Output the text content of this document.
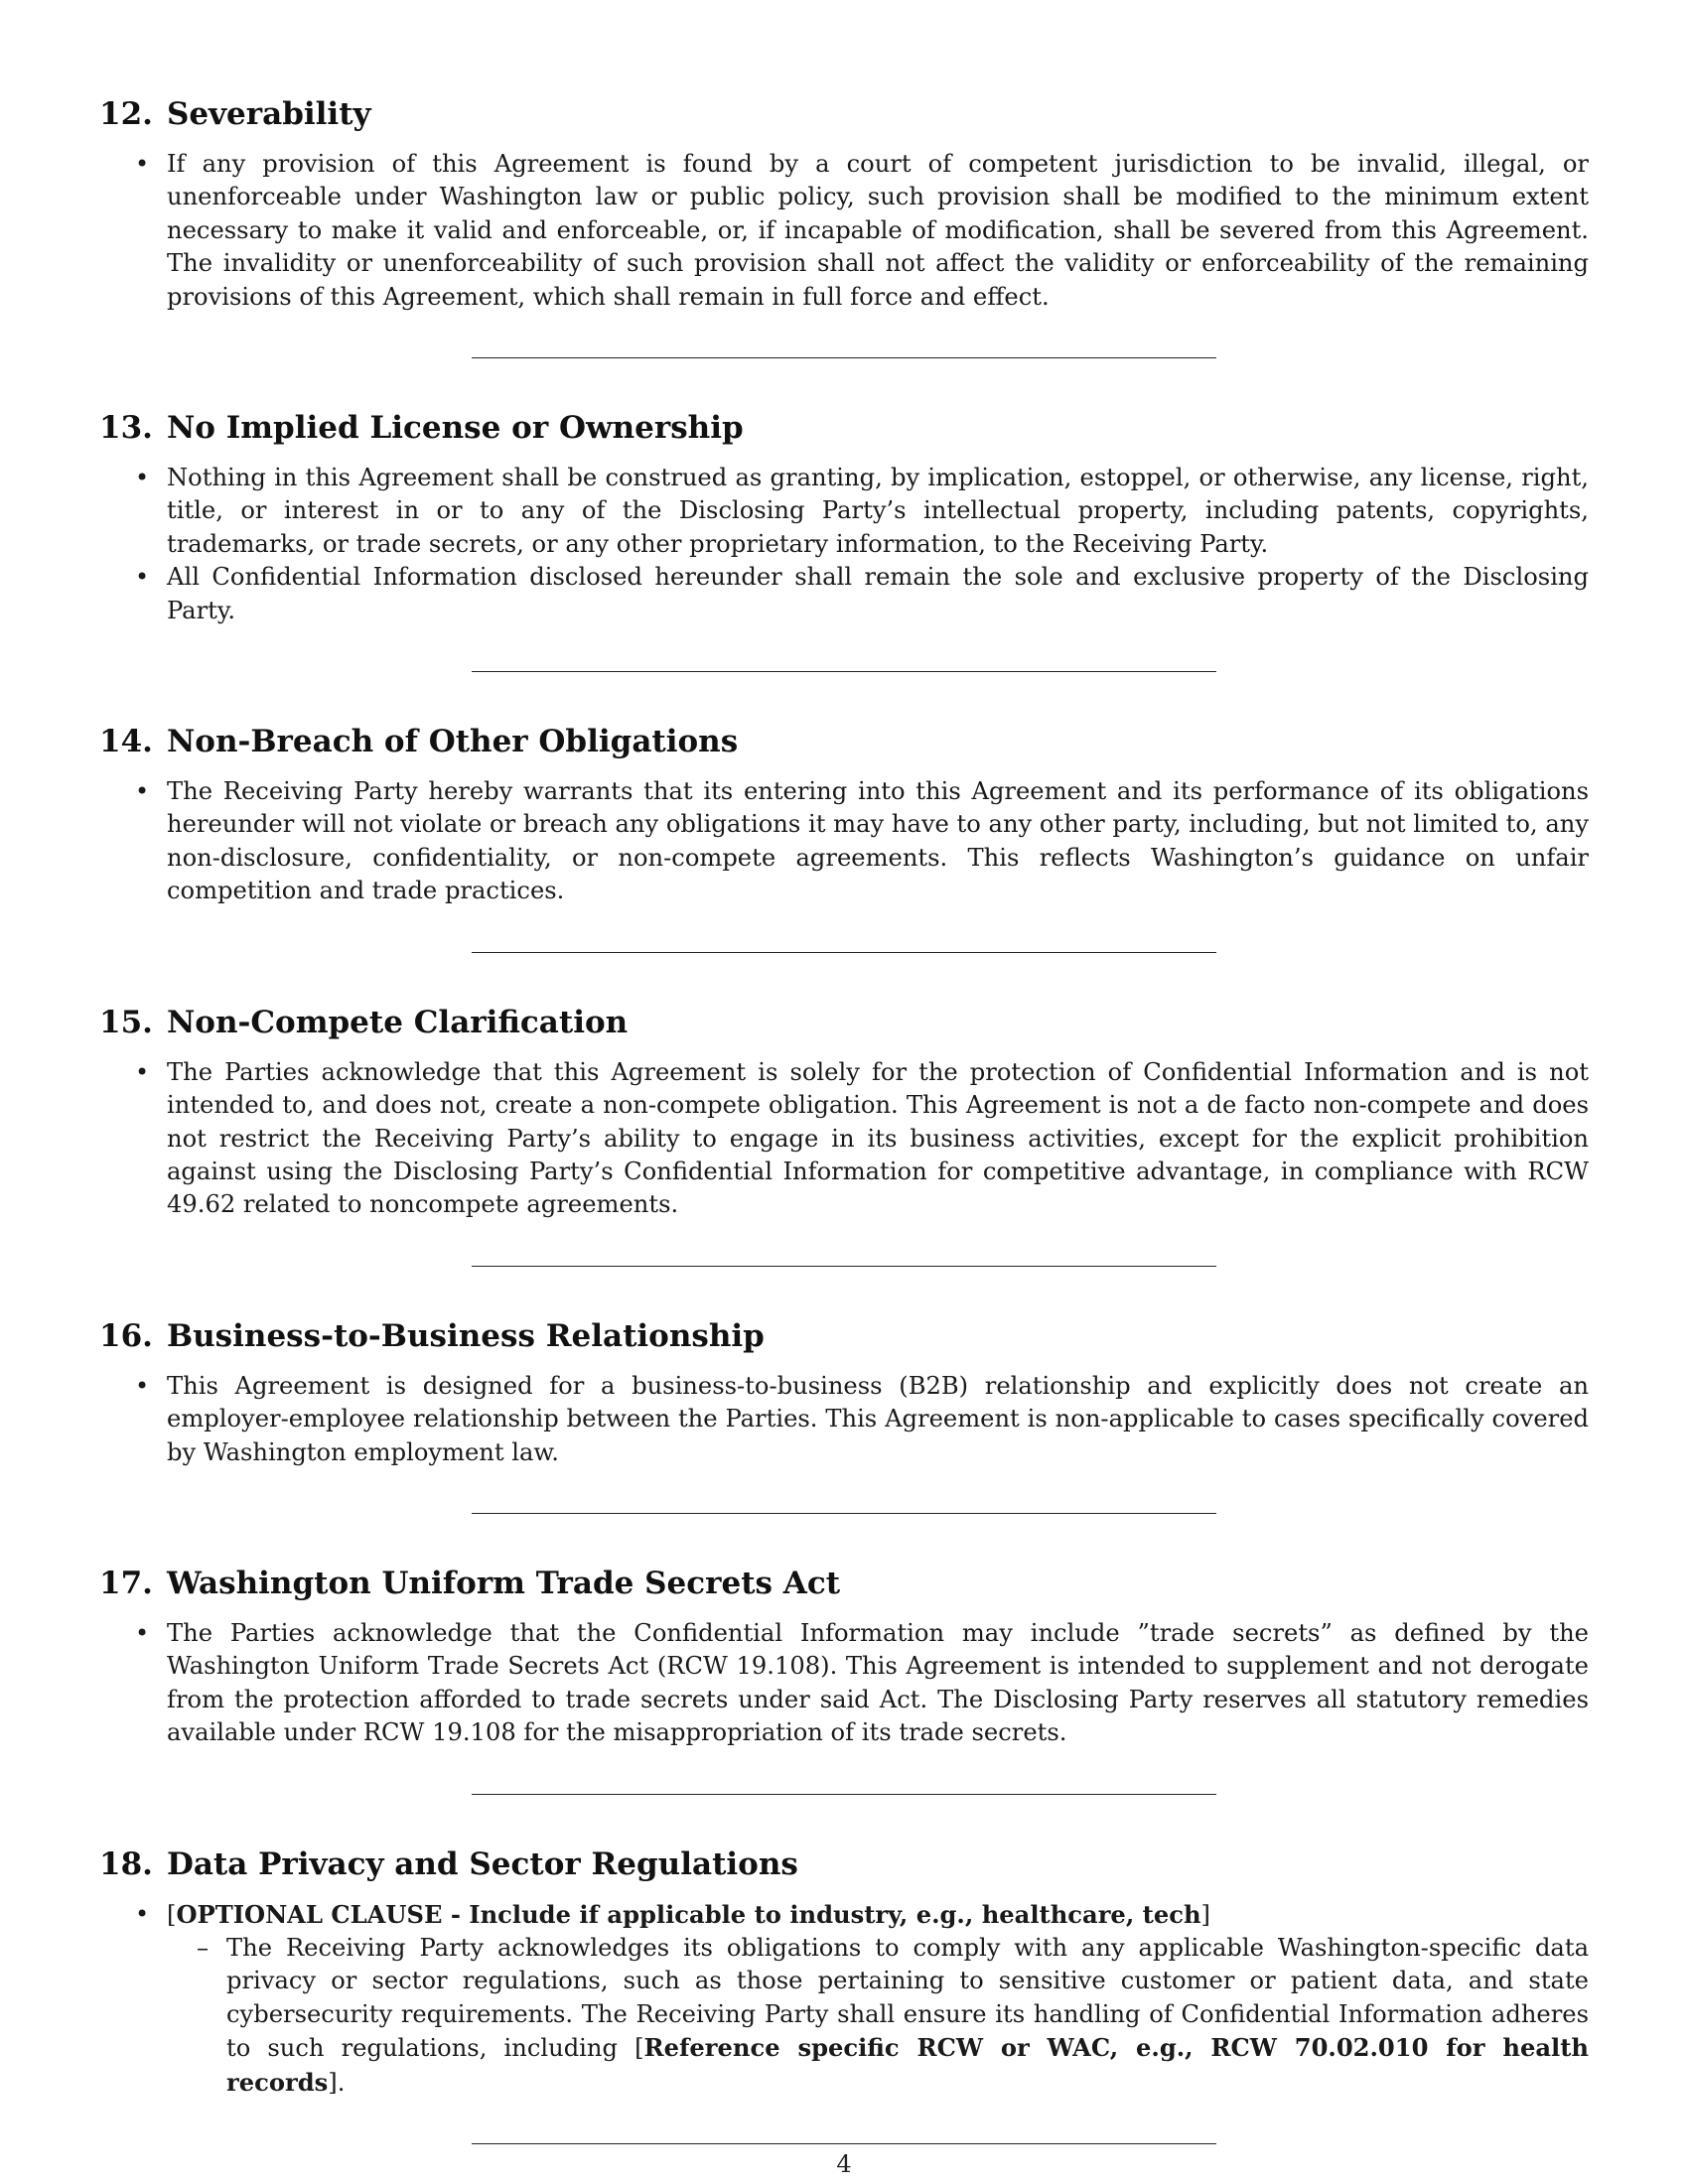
12. Severability
• If any provision of this Agreement is found by a court of competent jurisdiction to be invalid, illegal, or unenforceable under Washington law or public policy, such provision shall be modified to the minimum extent necessary to make it valid and enforceable, or, if incapable of modification, shall be severed from this Agreement. The invalidity or unenforceability of such provision shall not affect the validity or enforceability of the remaining provisions of this Agreement, which shall remain in full force and effect.
13. No Implied License or Ownership
• Nothing in this Agreement shall be construed as granting, by implication, estoppel, or otherwise, any license, right, title, or interest in or to any of the Disclosing Party’s intellectual property, including patents, copyrights, trademarks, or trade secrets, or any other proprietary information, to the Receiving Party.
• All Confidential Information disclosed hereunder shall remain the sole and exclusive property of the Disclosing Party.
14. Non-Breach of Other Obligations
• The Receiving Party hereby warrants that its entering into this Agreement and its performance of its obligations hereunder will not violate or breach any obligations it may have to any other party, including, but not limited to, any non-disclosure, confidentiality, or non-compete agreements. This reflects Washington’s guidance on unfair competition and trade practices.
15. Non-Compete Clarification
• The Parties acknowledge that this Agreement is solely for the protection of Confidential Information and is not intended to, and does not, create a non-compete obligation. This Agreement is not a de facto non-compete and does not restrict the Receiving Party’s ability to engage in its business activities, except for the explicit prohibition against using the Disclosing Party’s Confidential Information for competitive advantage, in compliance with RCW 49.62 related to noncompete agreements.
16. Business-to-Business Relationship
• This Agreement is designed for a business-to-business (B2B) relationship and explicitly does not create an employer-employee relationship between the Parties. This Agreement is non-applicable to cases specifically covered by Washington employment law.
17. Washington Uniform Trade Secrets Act
• The Parties acknowledge that the Confidential Information may include ”trade secrets” as defined by the Washington Uniform Trade Secrets Act (RCW 19.108). This Agreement is intended to supplement and not derogate from the protection afforded to trade secrets under said Act. The Disclosing Party reserves all statutory remedies available under RCW 19.108 for the misappropriation of its trade secrets.
18. Data Privacy and Sector Regulations
• [OPTIONAL CLAUSE - Include if applicable to industry, e.g., healthcare, tech]
– The Receiving Party acknowledges its obligations to comply with any applicable Washington-specific data privacy or sector regulations, such as those pertaining to sensitive customer or patient data, and state cybersecurity requirements. The Receiving Party shall ensure its handling of Confidential Information adheres to such regulations, including [Reference specific RCW or WAC, e.g., RCW 70.02.010 for health records].
4
